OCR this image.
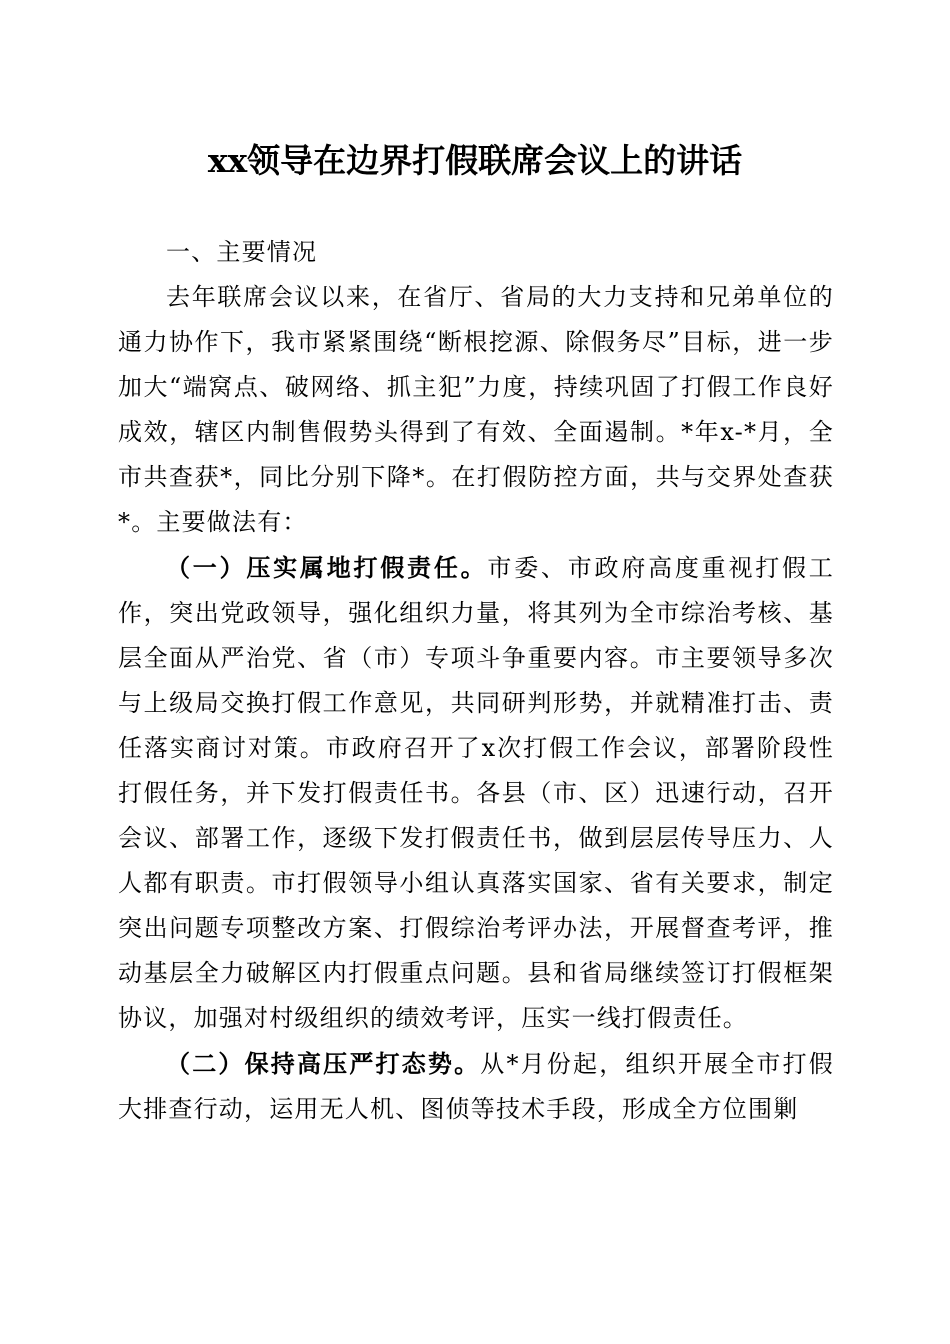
xx领导在边界打假联席会议上的讲话

一、主要情况

去年联席会议以来，在省厅、省局的大力支持和兄弟单位的通力协作下，我市紧紧围绕“断根挖源、除假务尽”目标，进一步加大“端窝点、破网络、抓主犯”力度，持续巩固了打假工作良好成效，辖区内制售假势头得到了有效、全面遏制。*年x-*月，全市共查获*，同比分别下降*。在打假防控方面，共与交界处查获*。主要做法有：

（一）压实属地打假责任。市委、市政府高度重视打假工作，突出党政领导，强化组织力量，将其列为全市综治考核、基层全面从严治党、省（市）专项斗争重要内容。市主要领导多次与上级局交换打假工作意见，共同研判形势，并就精准打击、责任落实商讨对策。市政府召开了x次打假工作会议，部署阶段性打假任务，并下发打假责任书。各县（市、区）迅速行动，召开会议、部署工作，逐级下发打假责任书，做到层层传导压力、人人都有职责。市打假领导小组认真落实国家、省有关要求，制定突出问题专项整改方案、打假综治考评办法，开展督查考评，推动基层全力破解区内打假重点问题。县和省局继续签订打假框架协议，加强对村级组织的绩效考评，压实一线打假责任。

（二）保持高压严打态势。从*月份起，组织开展全市打假大排查行动，运用无人机、图侦等技术手段，形成全方位围剿
